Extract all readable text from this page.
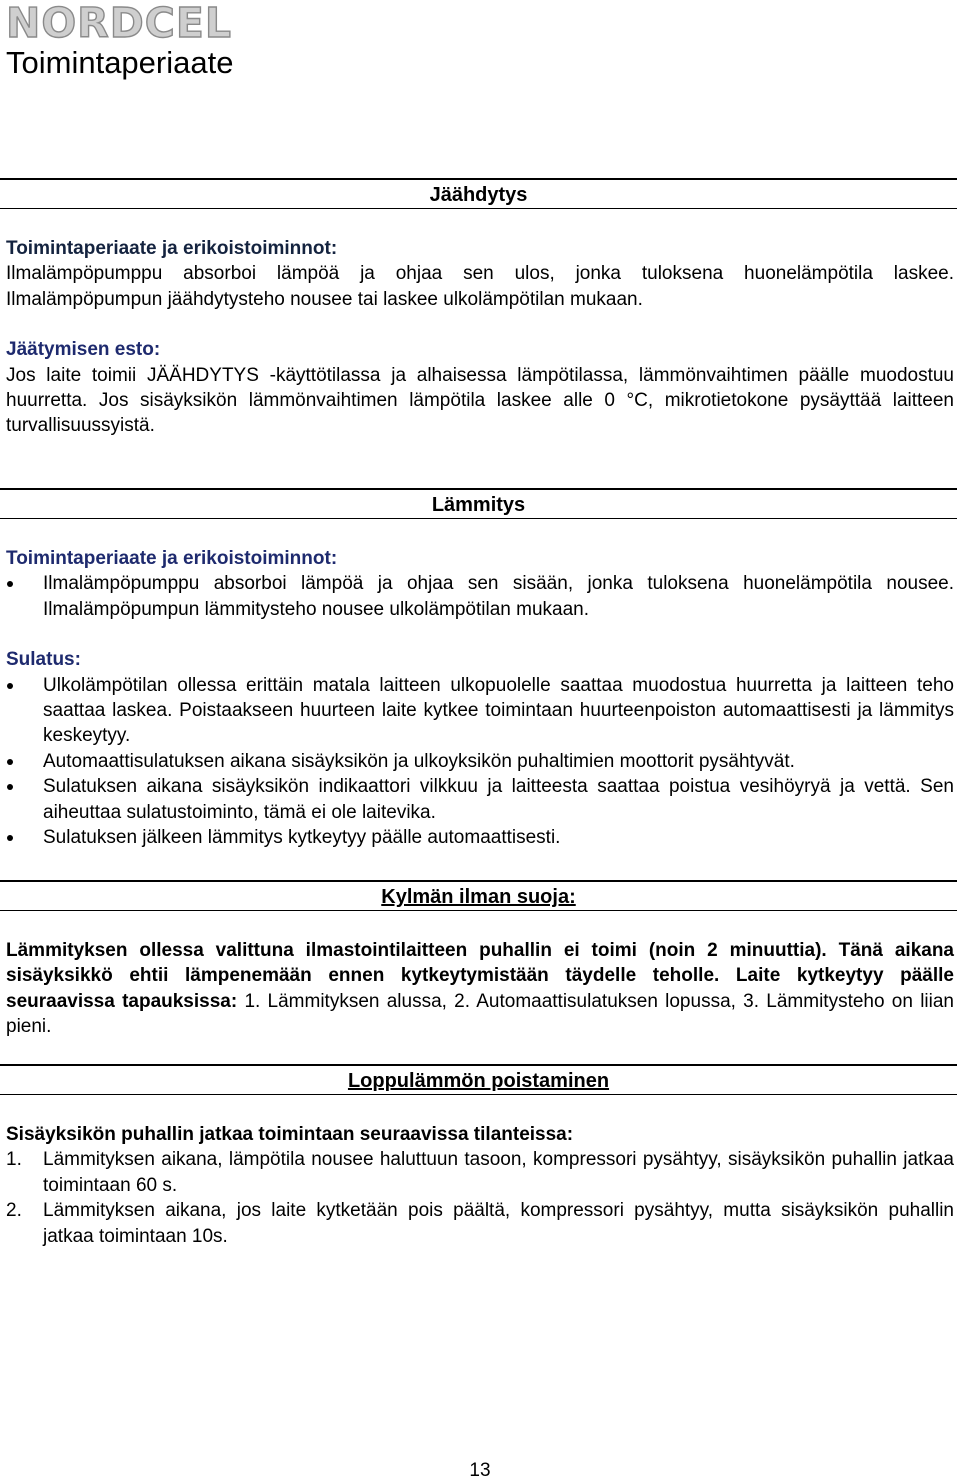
NORDCEL
Toimintaperiaate
Jäähdytys

Toimintaperiaate ja erikoistoiminnot:

Ilmalämpöpumppu absorboi lämpöä ja ohjaa sen ulos, jonka tuloksena huonelämpötila laskee. Ilmalämpöpumpun jäähdytysteho nousee tai laskee ulkolämpötilan mukaan.

Jäätymisen esto:

Jos laite toimii JÄÄHDYTYS -käyttötilassa ja alhaisessa lämpötilassa, lämmönvaihtimen päälle muodostuu huurretta. Jos sisäyksikön lämmönvaihtimen lämpötila laskee alle 0 °C, mikrotietokone pysäyttää laitteen turvallisuussyistä.

Lämmitys

Toimintaperiaate ja erikoistoiminnot:

Ilmalämpöpumppu absorboi lämpöä ja ohjaa sen sisään, jonka tuloksena huonelämpötila nousee. Ilmalämpöpumpun lämmitysteho nousee ulkolämpötilan mukaan.

Sulatus:

Ulkolämpötilan ollessa erittäin matala laitteen ulkopuolelle saattaa muodostua huurretta ja laitteen teho saattaa laskea. Poistaakseen huurteen laite kytkee toimintaan huurteenpoiston automaattisesti ja lämmitys keskeytyy.
Automaattisulatuksen aikana sisäyksikön ja ulkoyksikön puhaltimien moottorit pysähtyvät.
Sulatuksen aikana sisäyksikön indikaattori vilkkuu ja laitteesta saattaa poistua vesihöyryä ja vettä. Sen aiheuttaa sulatustoiminto, tämä ei ole laitevika.
Sulatuksen jälkeen lämmitys kytkeytyy päälle automaattisesti.
Kylmän ilman suoja:

Lämmityksen ollessa valittuna ilmastointilaitteen puhallin ei toimi (noin 2 minuuttia). Tänä aikana sisäyksikkö ehtii lämpenemään ennen kytkeytymistään täydelle teholle. Laite kytkeytyy päälle seuraavissa tapauksissa: 1. Lämmityksen alussa, 2. Automaattisulatuksen lopussa, 3. Lämmitysteho on liian pieni.

Loppulämmön poistaminen

Sisäyksikön puhallin jatkaa toimintaan seuraavissa tilanteissa:

1. Lämmityksen aikana, lämpötila nousee haluttuun tasoon, kompressori pysähtyy, sisäyksikön puhallin jatkaa toimintaan 60 s.
2. Lämmityksen aikana, jos laite kytketään pois päältä, kompressori pysähtyy, mutta sisäyksikön puhallin jatkaa toimintaan 10s.
13
